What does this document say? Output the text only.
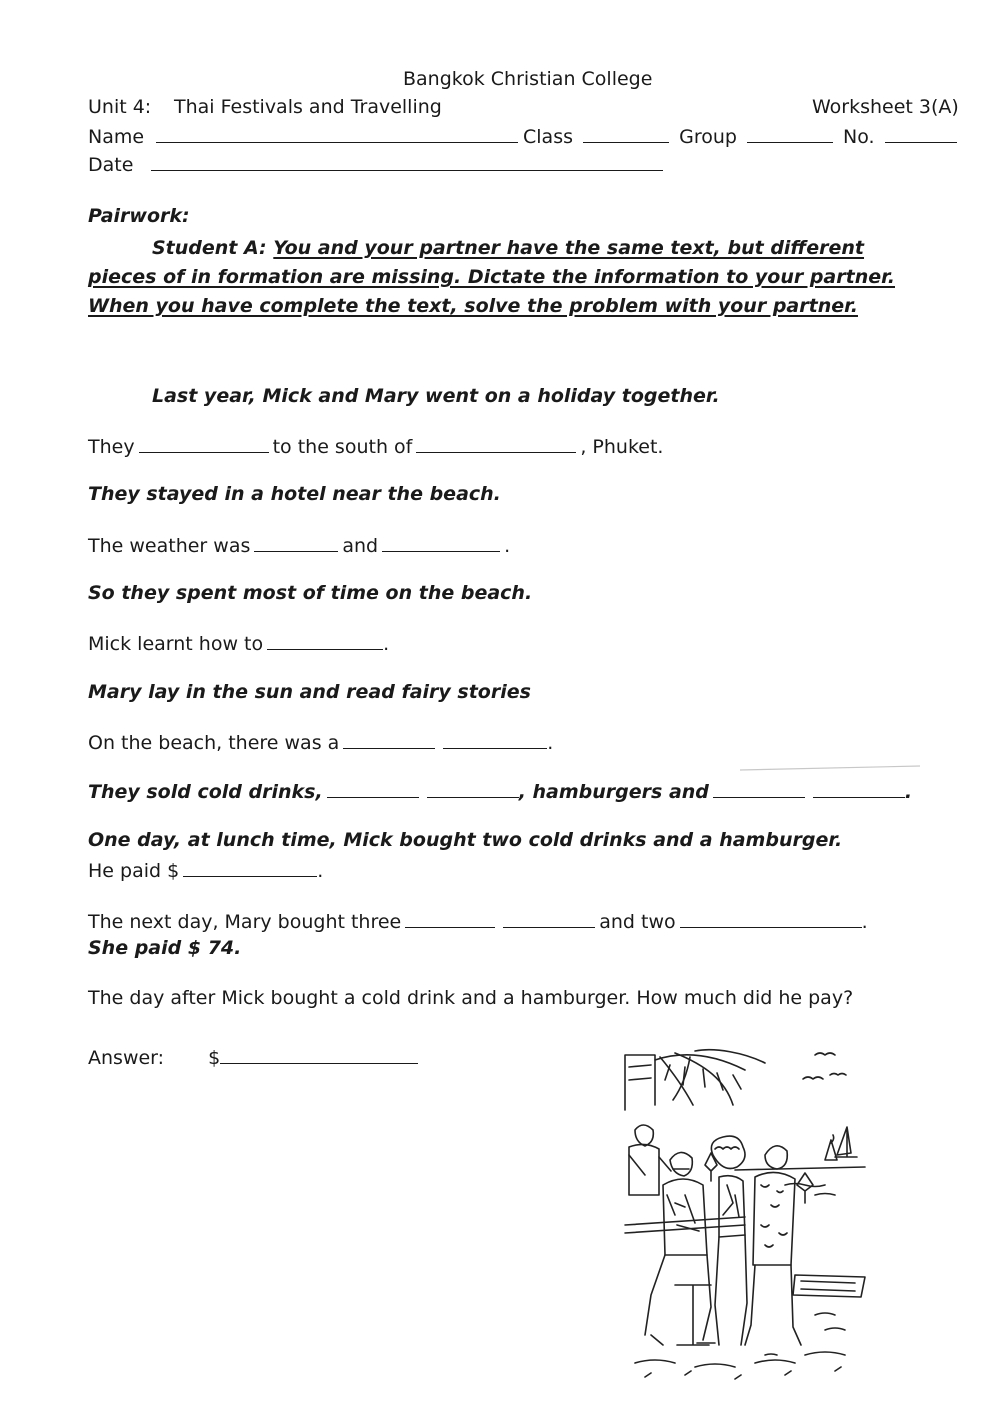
Bangkok Christian College
Unit 4: Thai Festivals and Travelling	Worksheet 3(A)
Name	Class	Group	No.
Date
Pairwork:
Student A: You and your partner have the same text, but different
pieces of in formation are missing. Dictate the information to your partner.
When you have complete the text, solve the problem with your partner.
Last year, Mick and Mary went on a holiday together.
They	to the south of	, Phuket.
They stayed in a hotel near the beach.
The weather was	and	.
So they spent most of time on the beach.
Mick learnt how to	.
Mary lay in the sun and read fairy stories
On the beach, there was a	.
They sold cold drinks,	, hamburgers and	.
One day, at lunch time, Mick bought two cold drinks and a hamburger.
He paid $	.
The next day, Mary bought three	and two	.
She paid $ 74.
The day after Mick bought a cold drink and a hamburger. How much did he pay?
Answer: $
